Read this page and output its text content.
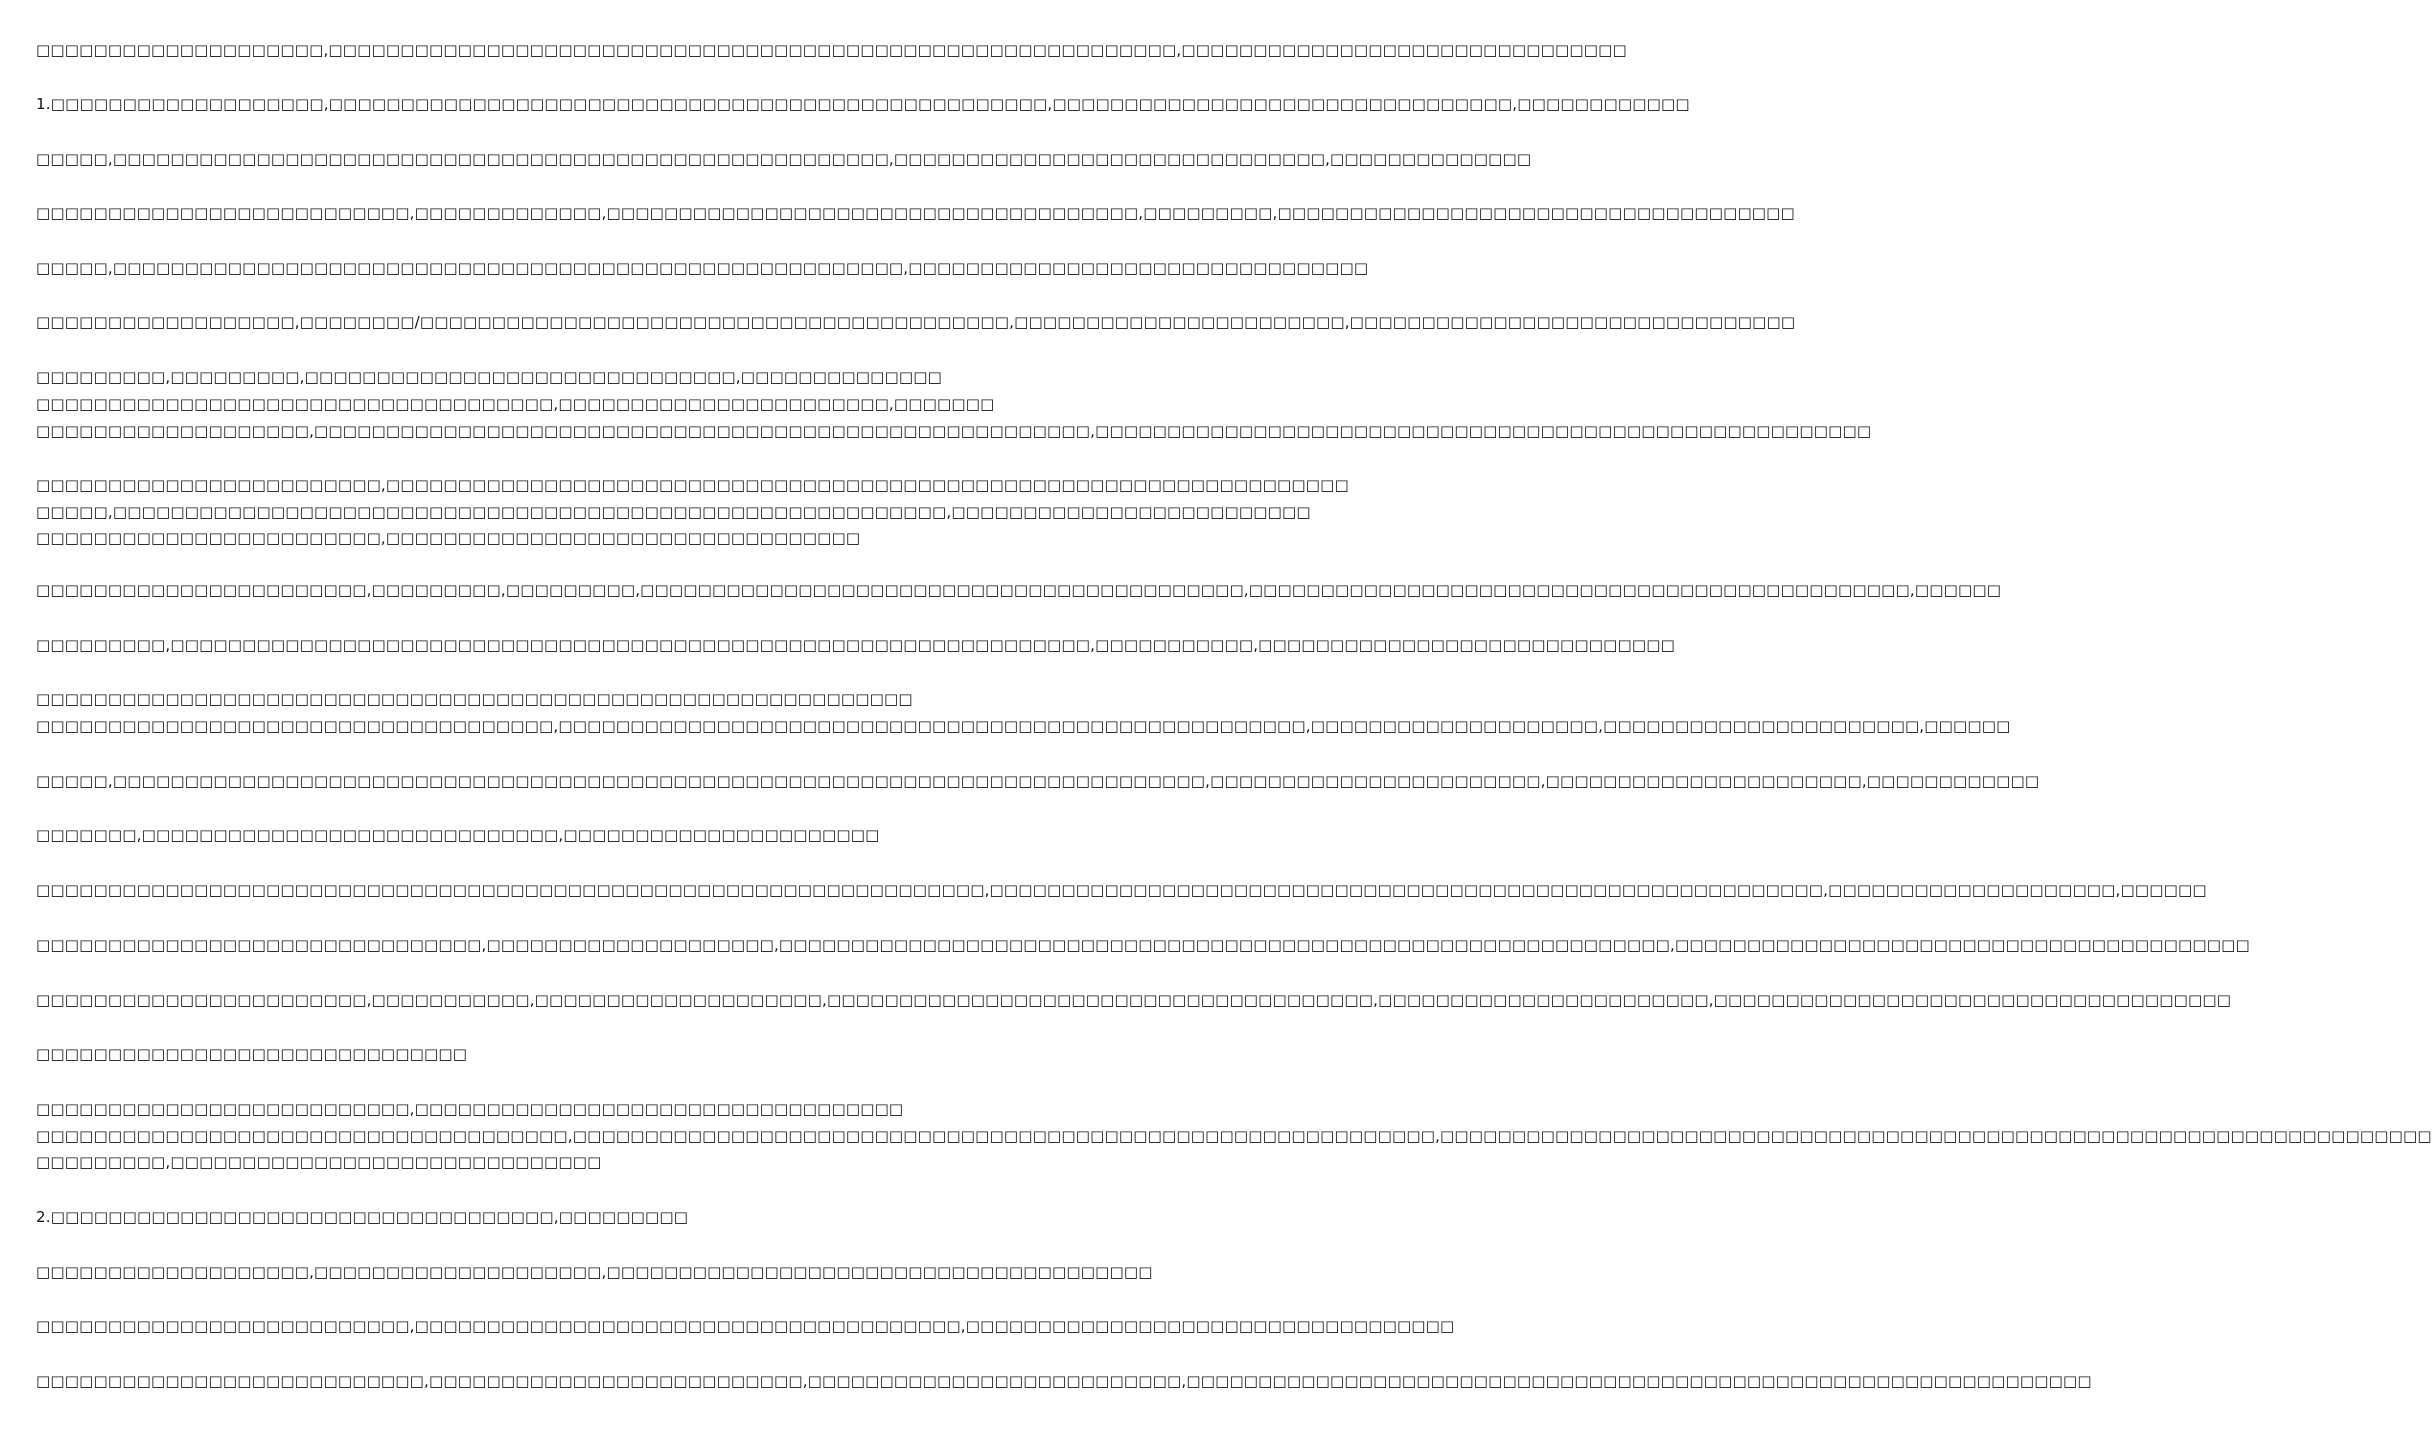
□□□□□□□□□□□□□□□□□□□□,□□□□□□□□□□□□□□□□□□□□□□□□□□□□□□□□□□□□□□□□□□□□□□□□□□□□□□□□□□□,□□□□□□□□□□□□□□□□□□□□□□□□□□□□□□□
1.□□□□□□□□□□□□□□□□□□□,□□□□□□□□□□□□□□□□□□□□□□□□□□□□□□□□□□□□□□□□□□□□□□□□□□,□□□□□□□□□□□□□□□□□□□□□□□□□□□□□□□□,□□□□□□□□□□□□
□□□□□,□□□□□□□□□□□□□□□□□□□□□□□□□□□□□□□□□□□□□□□□□□□□□□□□□□□□□□,□□□□□□□□□□□□□□□□□□□□□□□□□□□□□□,□□□□□□□□□□□□□□
□□□□□□□□□□□□□□□□□□□□□□□□□□,□□□□□□□□□□□□□,□□□□□□□□□□□□□□□□□□□□□□□□□□□□□□□□□□□□□,□□□□□□□□□,□□□□□□□□□□□□□□□□□□□□□□□□□□□□□□□□□□□□
□□□□□,□□□□□□□□□□□□□□□□□□□□□□□□□□□□□□□□□□□□□□□□□□□□□□□□□□□□□□□,□□□□□□□□□□□□□□□□□□□□□□□□□□□□□□□□
□□□□□□□□□□□□□□□□□□,□□□□□□□□/□□□□□□□□□□□□□□□□□□□□□□□□□□□□□□□□□□□□□□□□□,□□□□□□□□□□□□□□□□□□□□□□□,□□□□□□□□□□□□□□□□□□□□□□□□□□□□□□□
□□□□□□□□□,□□□□□□□□□,□□□□□□□□□□□□□□□□□□□□□□□□□□□□□□,□□□□□□□□□□□□□□
□□□□□□□□□□□□□□□□□□□□□□□□□□□□□□□□□□□□,□□□□□□□□□□□□□□□□□□□□□□□,□□□□□□□
□□□□□□□□□□□□□□□□□□□,□□□□□□□□□□□□□□□□□□□□□□□□□□□□□□□□□□□□□□□□□□□□□□□□□□□□□□,□□□□□□□□□□□□□□□□□□□□□□□□□□□□□□□□□□□□□□□□□□□□□□□□□□□□□□
□□□□□□□□□□□□□□□□□□□□□□□□,□□□□□□□□□□□□□□□□□□□□□□□□□□□□□□□□□□□□□□□□□□□□□□□□□□□□□□□□□□□□□□□□□□□
□□□□□,□□□□□□□□□□□□□□□□□□□□□□□□□□□□□□□□□□□□□□□□□□□□□□□□□□□□□□□□□□,□□□□□□□□□□□□□□□□□□□□□□□□□
□□□□□□□□□□□□□□□□□□□□□□□□,□□□□□□□□□□□□□□□□□□□□□□□□□□□□□□□□□
□□□□□□□□□□□□□□□□□□□□□□□,□□□□□□□□□,□□□□□□□□□,□□□□□□□□□□□□□□□□□□□□□□□□□□□□□□□□□□□□□□□□□□,□□□□□□□□□□□□□□□□□□□□□□□□□□□□□□□□□□□□□□□□□□□□□□,□□□□□□
□□□□□□□□□,□□□□□□□□□□□□□□□□□□□□□□□□□□□□□□□□□□□□□□□□□□□□□□□□□□□□□□□□□□□□□□□□,□□□□□□□□□□□,□□□□□□□□□□□□□□□□□□□□□□□□□□□□□
□□□□□□□□□□□□□□□□□□□□□□□□□□□□□□□□□□□□□□□□□□□□□□□□□□□□□□□□□□□□□
□□□□□□□□□□□□□□□□□□□□□□□□□□□□□□□□□□□□,□□□□□□□□□□□□□□□□□□□□□□□□□□□□□□□□□□□□□□□□□□□□□□□□□□□□,□□□□□□□□□□□□□□□□□□□□,□□□□□□□□□□□□□□□□□□□□□□,□□□□□□
□□□□□,□□□□□□□□□□□□□□□□□□□□□□□□□□□□□□□□□□□□□□□□□□□□□□□□□□□□□□□□□□□□□□□□□□□□□□□□□□□□,□□□□□□□□□□□□□□□□□□□□□□□,□□□□□□□□□□□□□□□□□□□□□□,□□□□□□□□□□□□
□□□□□□□,□□□□□□□□□□□□□□□□□□□□□□□□□□□□□,□□□□□□□□□□□□□□□□□□□□□□
□□□□□□□□□□□□□□□□□□□□□□□□□□□□□□□□□□□□□□□□□□□□□□□□□□□□□□□□□□□□□□□□□□,□□□□□□□□□□□□□□□□□□□□□□□□□□□□□□□□□□□□□□□□□□□□□□□□□□□□□□□□□□,□□□□□□□□□□□□□□□□□□□□,□□□□□□
□□□□□□□□□□□□□□□□□□□□□□□□□□□□□□□,□□□□□□□□□□□□□□□□□□□□,□□□□□□□□□□□□□□□□□□□□□□□□□□□□□□□□□□□□□□□□□□□□□□□□□□□□□□□□□□□□□□,□□□□□□□□□□□□□□□□□□□□□□□□□□□□□□□□□□□□□□□□
□□□□□□□□□□□□□□□□□□□□□□□,□□□□□□□□□□□,□□□□□□□□□□□□□□□□□□□□,□□□□□□□□□□□□□□□□□□□□□□□□□□□□□□□□□□□□□□,□□□□□□□□□□□□□□□□□□□□□□□,□□□□□□□□□□□□□□□□□□□□□□□□□□□□□□□□□□□□
□□□□□□□□□□□□□□□□□□□□□□□□□□□□□□
□□□□□□□□□□□□□□□□□□□□□□□□□□,□□□□□□□□□□□□□□□□□□□□□□□□□□□□□□□□□□
□□□□□□□□□□□□□□□□□□□□□□□□□□□□□□□□□□□□□,□□□□□□□□□□□□□□□□□□□□□□□□□□□□□□□□□□□□□□□□□□□□□□□□□□□□□□□□□□□□,□□□□□□□□□□□□□□□□□□□□□□□□□□□□□□□□□□□□□□□□□□□□□□□□□□□□□□□□□□□□□□□□□□□□□
□□□□□□□□□,□□□□□□□□□□□□□□□□□□□□□□□□□□□□□□
2.□□□□□□□□□□□□□□□□□□□□□□□□□□□□□□□□□□□,□□□□□□□□□
□□□□□□□□□□□□□□□□□□□,□□□□□□□□□□□□□□□□□□□□,□□□□□□□□□□□□□□□□□□□□□□□□□□□□□□□□□□□□□□
□□□□□□□□□□□□□□□□□□□□□□□□□□,□□□□□□□□□□□□□□□□□□□□□□□□□□□□□□□□□□□□□□,□□□□□□□□□□□□□□□□□□□□□□□□□□□□□□□□□□
□□□□□□□□□□□□□□□□□□□□□□□□□□□,□□□□□□□□□□□□□□□□□□□□□□□□□□,□□□□□□□□□□□□□□□□□□□□□□□□□□,□□□□□□□□□□□□□□□□□□□□□□□□□□□□□□□□□□□□□□□□□□□□□□□□□□□□□□□□□□□□□□□
